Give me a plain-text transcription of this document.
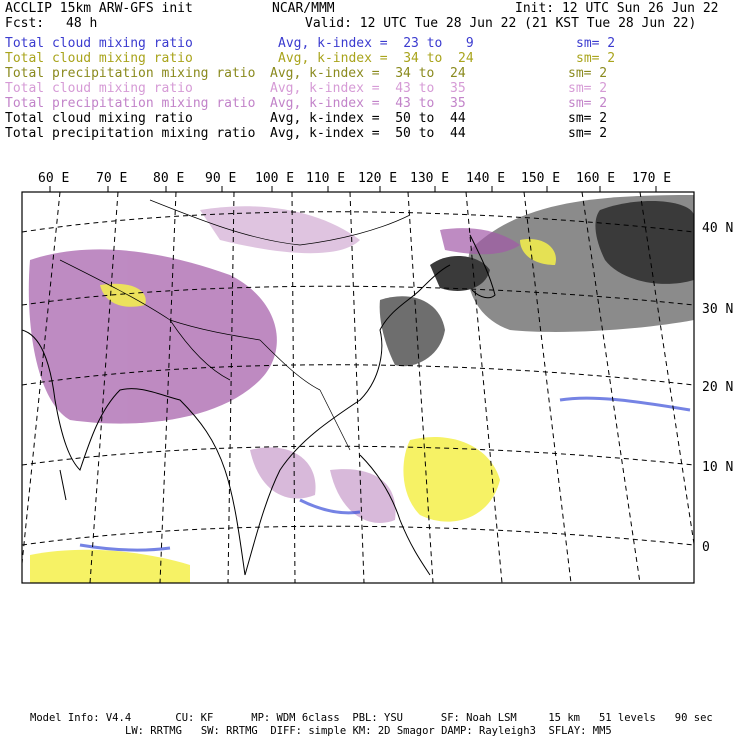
ACCLIP 15km ARW-GFS init	NCAR/MMM	Init: 12 UTC Sun 26 Jun 22
Fcst: 48 h	Valid: 12 UTC Tue 28 Jun 22 (21 KST Tue 28 Jun 22)
Total cloud mixing ratio	Avg, k-index =  23 to   9	sm= 2
Total cloud mixing ratio	Avg, k-index =  34 to  24	sm= 2
Total precipitation mixing ratio Avg, k-index =  34 to  24	sm= 2
Total cloud mixing ratio	Avg, k-index =  43 to  35	sm= 2
Total precipitation mixing ratio Avg, k-index =  43 to  35	sm= 2
Total cloud mixing ratio	Avg, k-index =  50 to  44	sm= 2
Total precipitation mixing ratio Avg, k-index =  50 to  44	sm= 2
60 E 70 E 80 E 90 E 100 E 110 E 120 E 130 E 140 E 150 E 160 E 170 E
40 N
30 N
20 N
10 N
0
Model Info: V4.4       CU: KF      MP: WDM 6class  PBL: YSU      SF: Noah LSM     15 km   51 levels   90 sec
LW: RRTMG   SW: RRTMG  DIFF: simple KM: 2D Smagor DAMP: Rayleigh3  SFLAY: MM5
